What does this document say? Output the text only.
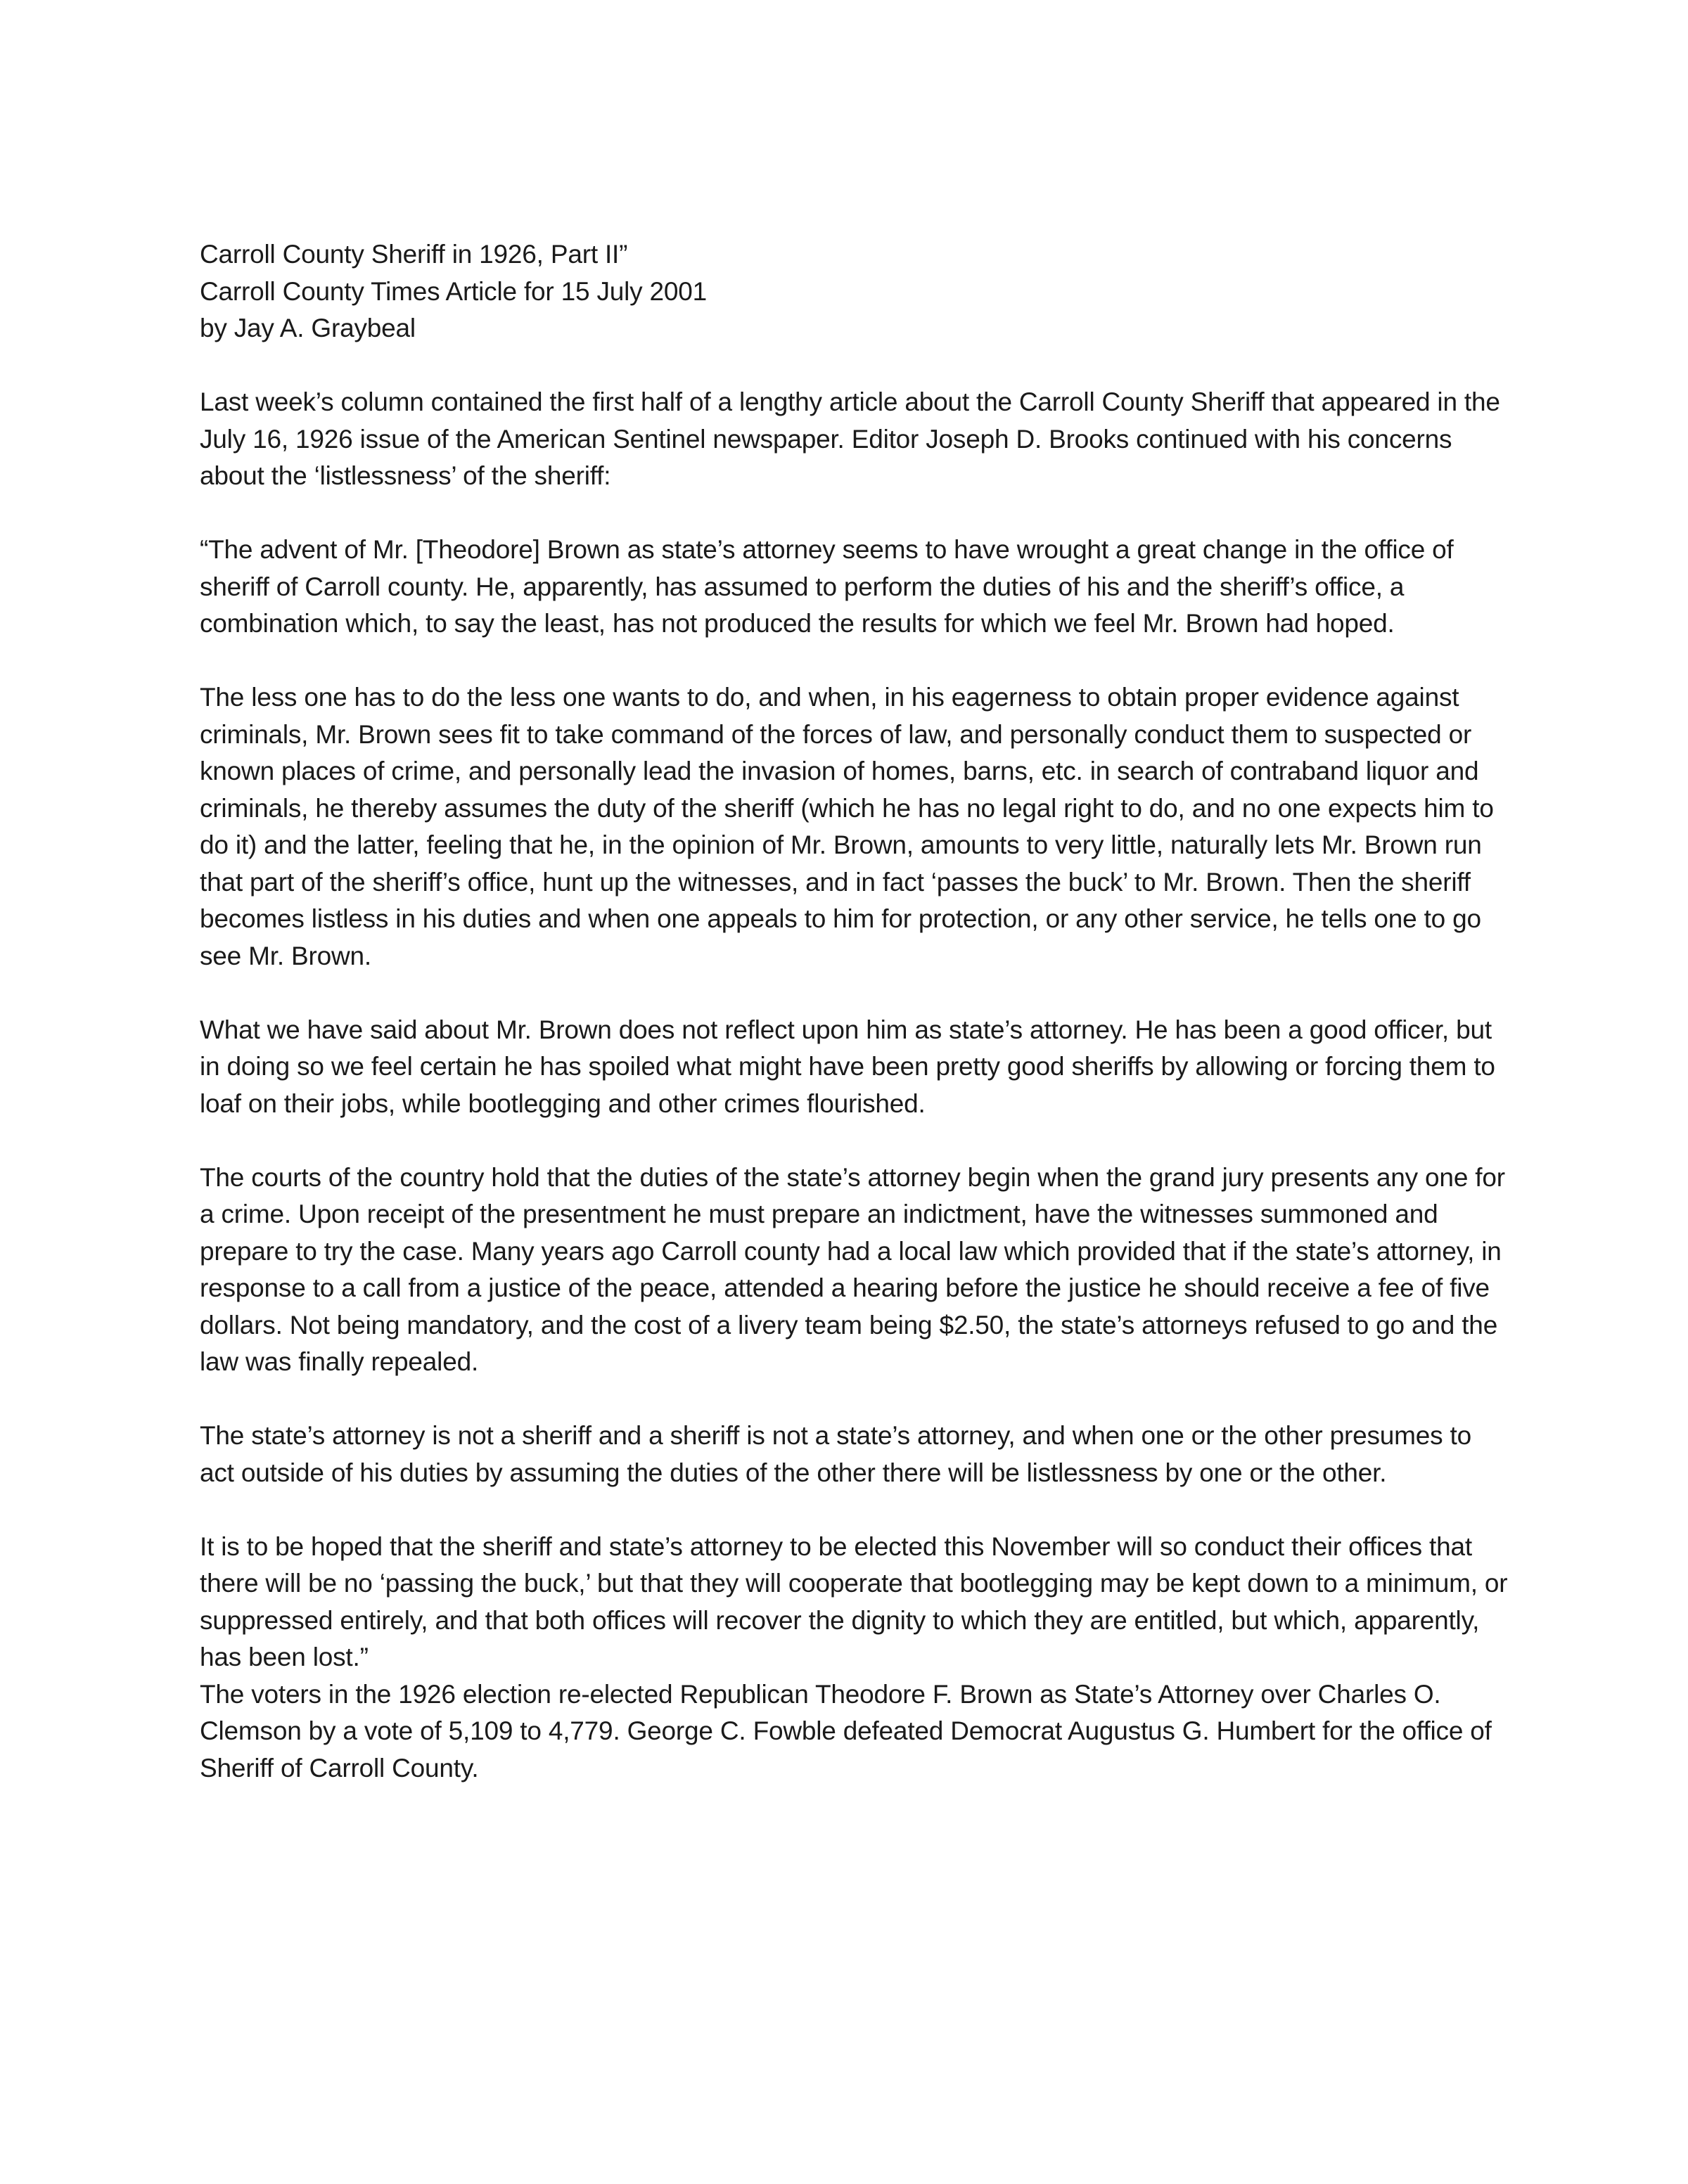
Carroll County Sheriff in 1926, Part II”
Carroll County Times Article for 15 July 2001
by Jay A. Graybeal

Last week’s column contained the first half of a lengthy article about the Carroll County Sheriff that appeared in the July 16, 1926 issue of the American Sentinel newspaper. Editor Joseph D. Brooks continued with his concerns about the ‘listlessness’ of the sheriff:

“The advent of Mr. [Theodore] Brown as state’s attorney seems to have wrought a great change in the office of sheriff of Carroll county. He, apparently, has assumed to perform the duties of his and the sheriff’s office, a combination which, to say the least, has not produced the results for which we feel Mr. Brown had hoped.

The less one has to do the less one wants to do, and when, in his eagerness to obtain proper evidence against criminals, Mr. Brown sees fit to take command of the forces of law, and personally conduct them to suspected or known places of crime, and personally lead the invasion of homes, barns, etc. in search of contraband liquor and criminals, he thereby assumes the duty of the sheriff (which he has no legal right to do, and no one expects him to do it) and the latter, feeling that he, in the opinion of Mr. Brown, amounts to very little, naturally lets Mr. Brown run that part of the sheriff’s office, hunt up the witnesses, and in fact ‘passes the buck’ to Mr. Brown. Then the sheriff becomes listless in his duties and when one appeals to him for protection, or any other service, he tells one to go see Mr. Brown.

What we have said about Mr. Brown does not reflect upon him as state’s attorney. He has been a good officer, but in doing so we feel certain he has spoiled what might have been pretty good sheriffs by allowing or forcing them to loaf on their jobs, while bootlegging and other crimes flourished.

The courts of the country hold that the duties of the state’s attorney begin when the grand jury presents any one for a crime. Upon receipt of the presentment he must prepare an indictment, have the witnesses summoned and prepare to try the case. Many years ago Carroll county had a local law which provided that if the state’s attorney, in response to a call from a justice of the peace, attended a hearing before the justice he should receive a fee of five dollars. Not being mandatory, and the cost of a livery team being $2.50, the state’s attorneys refused to go and the law was finally repealed.

The state’s attorney is not a sheriff and a sheriff is not a state’s attorney, and when one or the other presumes to act outside of his duties by assuming the duties of the other there will be listlessness by one or the other.

It is to be hoped that the sheriff and state’s attorney to be elected this November will so conduct their offices that there will be no ‘passing the buck,’ but that they will cooperate that bootlegging may be kept down to a minimum, or suppressed entirely, and that both offices will recover the dignity to which they are entitled, but which, apparently, has been lost.”

The voters in the 1926 election re-elected Republican Theodore F. Brown as State’s Attorney over Charles O. Clemson by a vote of 5,109 to 4,779. George C. Fowble defeated Democrat Augustus G. Humbert for the office of Sheriff of Carroll County.
